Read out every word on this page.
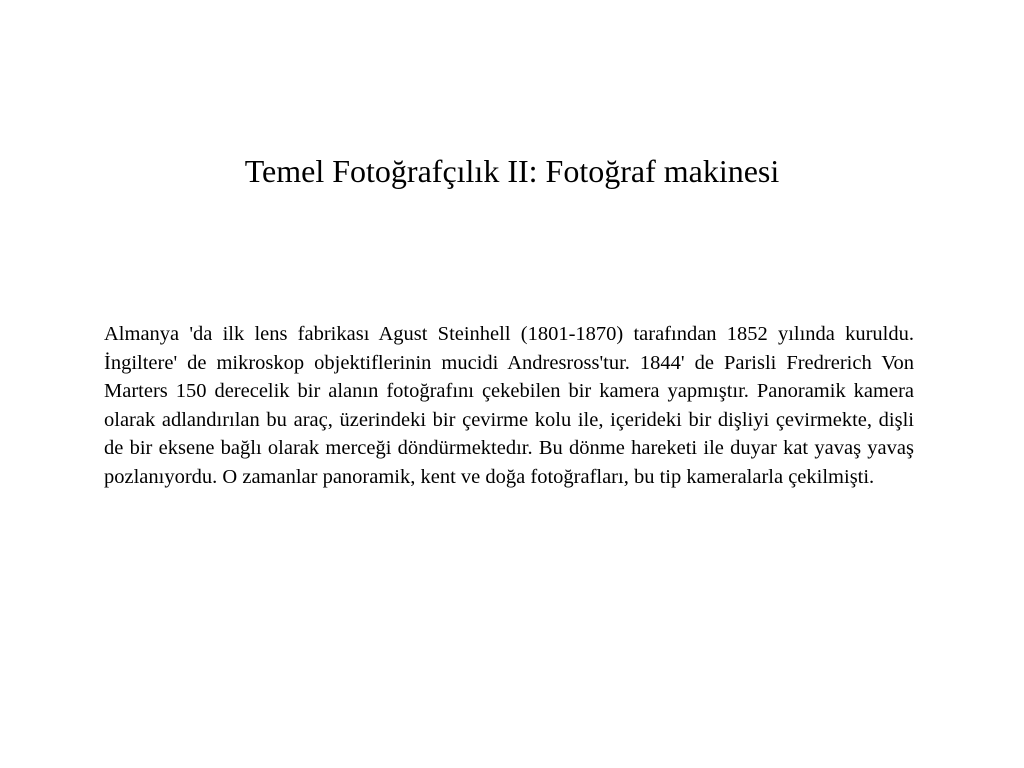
Temel Fotoğrafçılık II: Fotoğraf makinesi

Almanya 'da ilk lens fabrikası Agust Steinhell (1801-1870) tarafından 1852 yılında kuruldu. İngiltere' de mikroskop objektiflerinin mucidi Andresross'tur. 1844' de Parisli Fredrerich Von Marters 150 derecelik bir alanın fotoğrafını çekebilen bir kamera yapmıştır. Panoramik kamera olarak adlandırılan bu araç, üzerindeki bir çevirme kolu ile, içerideki bir dişliyi çevirmekte, dişli de bir eksene bağlı olarak merceği döndürmektedır. Bu dönme hareketi ile duyar kat yavaş yavaş pozlanıyordu. O zamanlar panoramik, kent ve doğa fotoğrafları, bu tip kameralarla çekilmişti.
